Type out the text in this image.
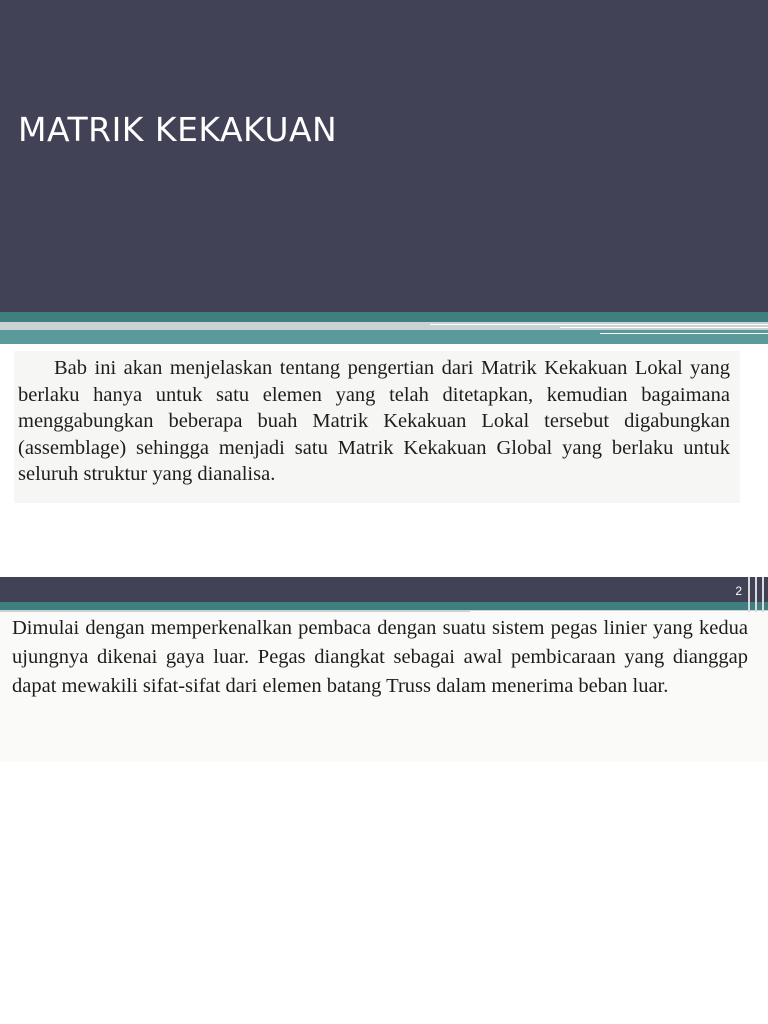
MATRIK KEKAKUAN
Bab ini akan menjelaskan tentang pengertian dari Matrik Kekakuan Lokal yang berlaku hanya untuk satu elemen yang telah ditetapkan, kemudian bagaimana menggabungkan beberapa buah Matrik Kekakuan Lokal tersebut digabungkan (assemblage) sehingga menjadi satu Matrik Kekakuan Global yang berlaku untuk seluruh struktur yang dianalisa.
2
Dimulai dengan memperkenalkan pembaca dengan suatu sistem pegas linier yang kedua ujungnya dikenai gaya luar. Pegas diangkat sebagai awal pembicaraan yang dianggap dapat mewakili sifat-sifat dari elemen batang Truss dalam menerima beban luar.
